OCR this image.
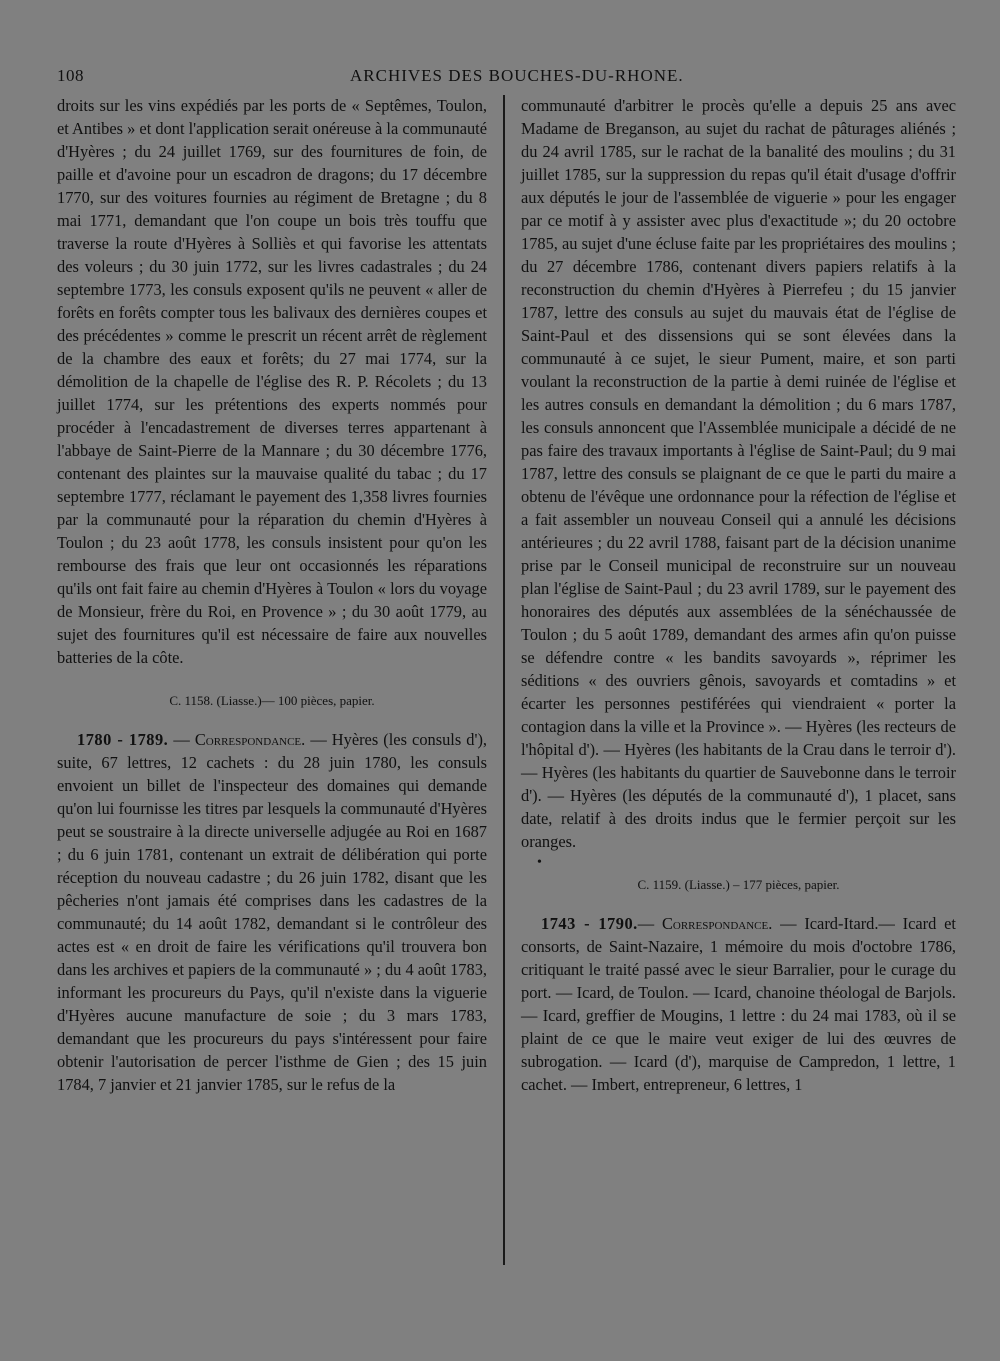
108	ARCHIVES DES BOUCHES-DU-RHONE.

droits sur les vins expédiés par les ports de « Septêmes, Toulon, et Antibes » et dont l'application serait onéreuse à la communauté d'Hyères ; du 24 juillet 1769, sur des fournitures de foin, de paille et d'avoine pour un escadron de dragons; du 17 décembre 1770, sur des voitures fournies au régiment de Bretagne ; du 8 mai 1771, demandant que l'on coupe un bois très touffu que traverse la route d'Hyères à Solliès et qui favorise les attentats des voleurs ; du 30 juin 1772, sur les livres cadastrales ; du 24 septembre 1773, les consuls exposent qu'ils ne peuvent « aller de forêts en forêts compter tous les balivaux des dernières coupes et des précédentes » comme le prescrit un récent arrêt de règlement de la chambre des eaux et forêts; du 27 mai 1774, sur la démolition de la chapelle de l'église des R. P. Récolets ; du 13 juillet 1774, sur les prétentions des experts nommés pour procéder à l'encadastrement de diverses terres appartenant à l'abbaye de Saint-Pierre de la Mannare ; du 30 décembre 1776, contenant des plaintes sur la mauvaise qualité du tabac ; du 17 septembre 1777, réclamant le payement des 1,358 livres fournies par la communauté pour la réparation du chemin d'Hyères à Toulon ; du 23 août 1778, les consuls insistent pour qu'on les rembourse des frais que leur ont occasionnés les réparations qu'ils ont fait faire au chemin d'Hyères à Toulon « lors du voyage de Monsieur, frère du Roi, en Provence » ; du 30 août 1779, au sujet des fournitures qu'il est nécessaire de faire aux nouvelles batteries de la côte.

C. 1158. (Liasse.)— 100 pièces, papier.

1780 - 1789. — Correspondance. — Hyères (les consuls d'), suite, 67 lettres, 12 cachets : du 28 juin 1780, les consuls envoient un billet de l'inspecteur des domaines qui demande qu'on lui fournisse les titres par lesquels la communauté d'Hyères peut se soustraire à la directe universelle adjugée au Roi en 1687 ; du 6 juin 1781, contenant un extrait de délibération qui porte réception du nouveau cadastre ; du 26 juin 1782, disant que les pêcheries n'ont jamais été comprises dans les cadastres de la communauté; du 14 août 1782, demandant si le contrôleur des actes est « en droit de faire les vérifications qu'il trouvera bon dans les archives et papiers de la communauté » ; du 4 août 1783, informant les procureurs du Pays, qu'il n'existe dans la viguerie d'Hyères aucune manufacture de soie ; du 3 mars 1783, demandant que les procureurs du pays s'intéressent pour faire obtenir l'autorisation de percer l'isthme de Gien ; des 15 juin 1784, 7 janvier et 21 janvier 1785, sur le refus de la

communauté d'arbitrer le procès qu'elle a depuis 25 ans avec Madame de Breganson, au sujet du rachat de pâturages aliénés ; du 24 avril 1785, sur le rachat de la banalité des moulins ; du 31 juillet 1785, sur la suppression du repas qu'il était d'usage d'offrir aux députés le jour de l'assemblée de viguerie » pour les engager par ce motif à y assister avec plus d'exactitude »; du 20 octobre 1785, au sujet d'une écluse faite par les propriétaires des moulins ; du 27 décembre 1786, contenant divers papiers relatifs à la reconstruction du chemin d'Hyères à Pierrefeu ; du 15 janvier 1787, lettre des consuls au sujet du mauvais état de l'église de Saint-Paul et des dissensions qui se sont élevées dans la communauté à ce sujet, le sieur Pument, maire, et son parti voulant la reconstruction de la partie à demi ruinée de l'église et les autres consuls en demandant la démolition ; du 6 mars 1787, les consuls annoncent que l'Assemblée municipale a décidé de ne pas faire des travaux importants à l'église de Saint-Paul; du 9 mai 1787, lettre des consuls se plaignant de ce que le parti du maire a obtenu de l'évêque une ordonnance pour la réfection de l'église et a fait assembler un nouveau Conseil qui a annulé les décisions antérieures ; du 22 avril 1788, faisant part de la décision unanime prise par le Conseil municipal de reconstruire sur un nouveau plan l'église de Saint-Paul ; du 23 avril 1789, sur le payement des honoraires des députés aux assemblées de la sénéchaussée de Toulon ; du 5 août 1789, demandant des armes afin qu'on puisse se défendre contre « les bandits savoyards », réprimer les séditions « des ouvriers gênois, savoyards et comtadins » et écarter les personnes pestiférées qui viendraient « porter la contagion dans la ville et la Province ». — Hyères (les recteurs de l'hôpital d'). — Hyères (les habitants de la Crau dans le terroir d'). — Hyères (les habitants du quartier de Sauvebonne dans le terroir d'). — Hyères (les députés de la communauté d'), 1 placet, sans date, relatif à des droits indus que le fermier perçoit sur les oranges.

•

C. 1159. (Liasse.) – 177 pièces, papier.

1743 - 1790.— Correspondance. — Icard-Itard.— Icard et consorts, de Saint-Nazaire, 1 mémoire du mois d'octobre 1786, critiquant le traité passé avec le sieur Barralier, pour le curage du port. — Icard, de Toulon. — Icard, chanoine théologal de Barjols. — Icard, greffier de Mougins, 1 lettre : du 24 mai 1783, où il se plaint de ce que le maire veut exiger de lui des œuvres de subrogation. — Icard (d'), marquise de Campredon, 1 lettre, 1 cachet. — Imbert, entrepreneur, 6 lettres, 1
